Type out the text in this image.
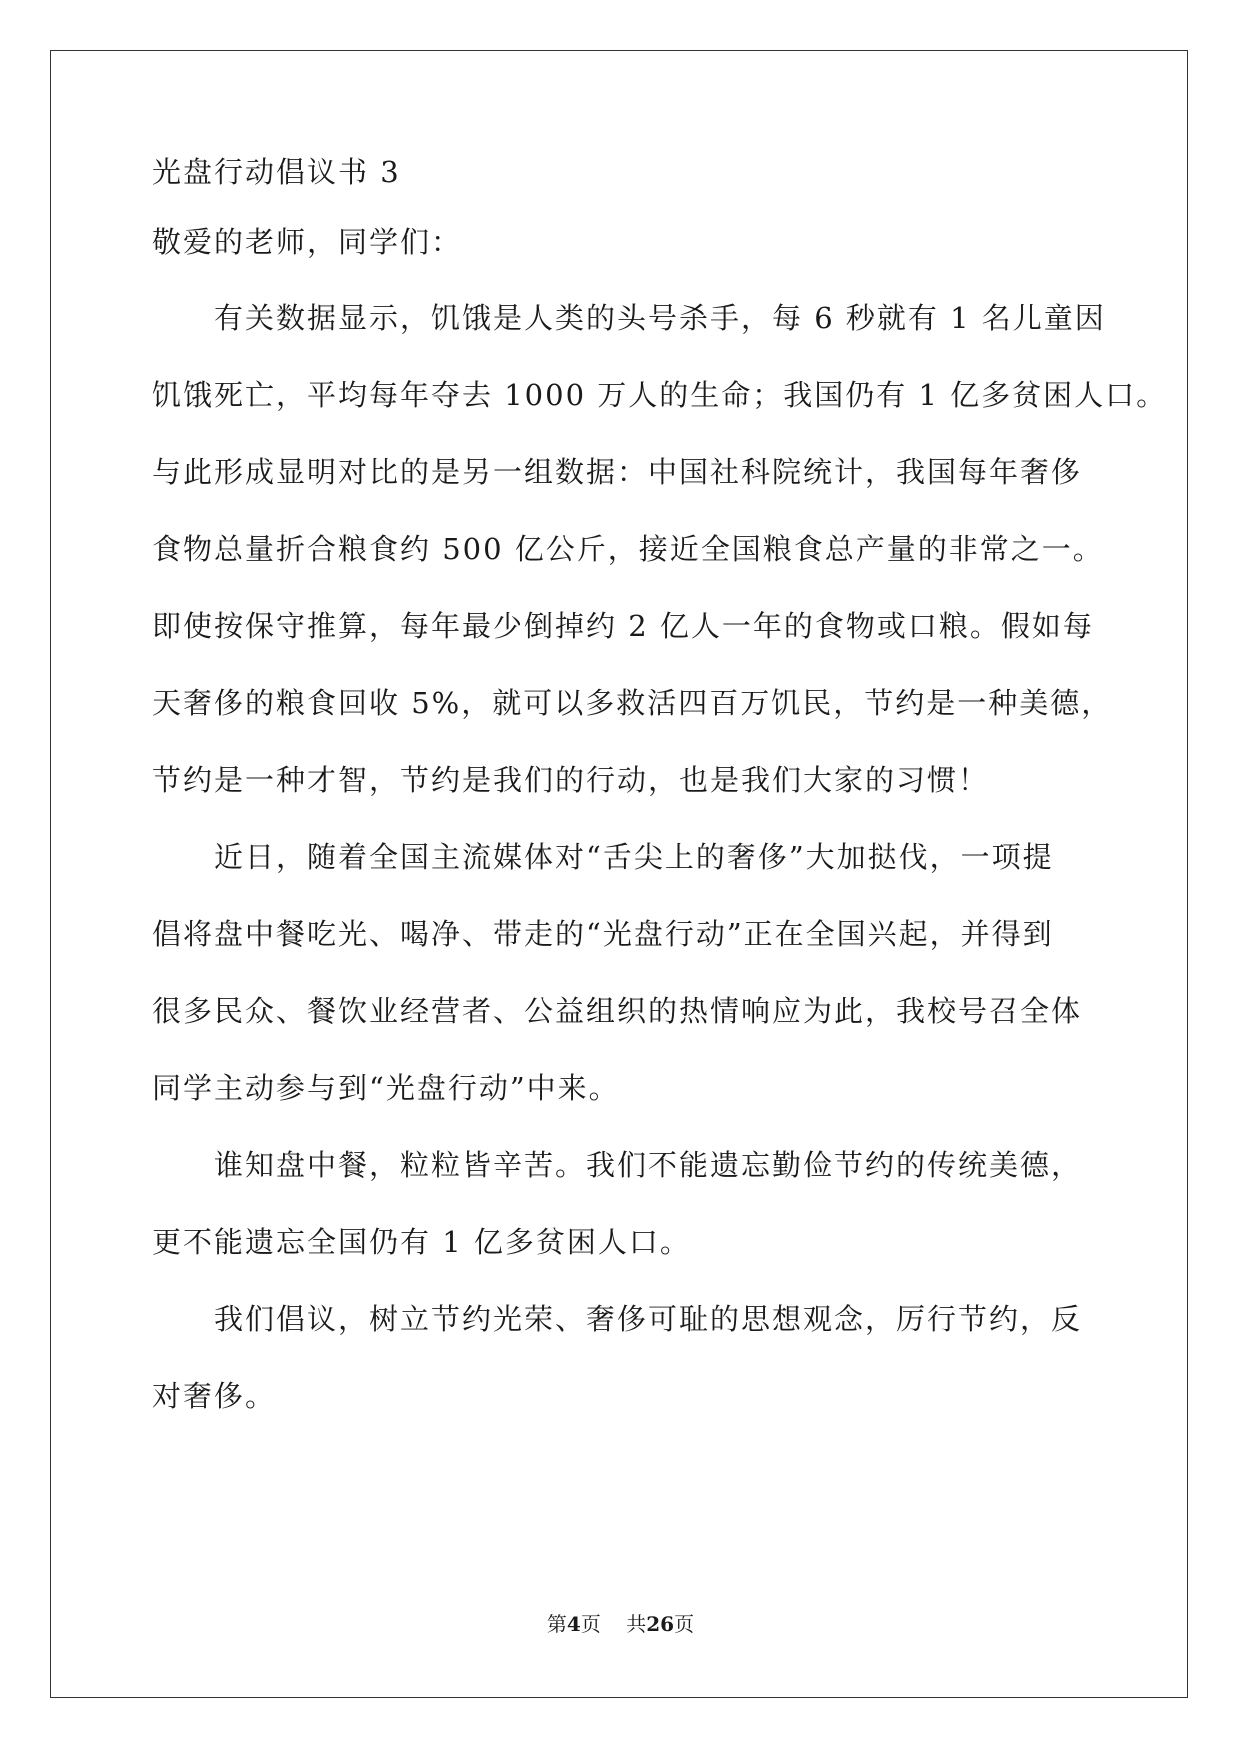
光盘行动倡议书 3
敬爱的老师，同学们：
　　有关数据显示，饥饿是人类的头号杀手，每 6 秒就有 1 名儿童因
饥饿死亡，平均每年夺去 1000 万人的生命；我国仍有 1 亿多贫困人口。
与此形成显明对比的是另一组数据：中国社科院统计，我国每年奢侈
食物总量折合粮食约 500 亿公斤，接近全国粮食总产量的非常之一。
即使按保守推算，每年最少倒掉约 2 亿人一年的食物或口粮。假如每
天奢侈的粮食回收 5%，就可以多救活四百万饥民，节约是一种美德，
节约是一种才智，节约是我们的行动，也是我们大家的习惯！
　　近日，随着全国主流媒体对“舌尖上的奢侈”大加挞伐，一项提
倡将盘中餐吃光、喝净、带走的“光盘行动”正在全国兴起，并得到
很多民众、餐饮业经营者、公益组织的热情响应为此，我校号召全体
同学主动参与到“光盘行动”中来。
　　谁知盘中餐，粒粒皆辛苦。我们不能遗忘勤俭节约的传统美德，
更不能遗忘全国仍有 1 亿多贫困人口。
　　我们倡议，树立节约光荣、奢侈可耻的思想观念，厉行节约，反
对奢侈。
第4页 共26页
